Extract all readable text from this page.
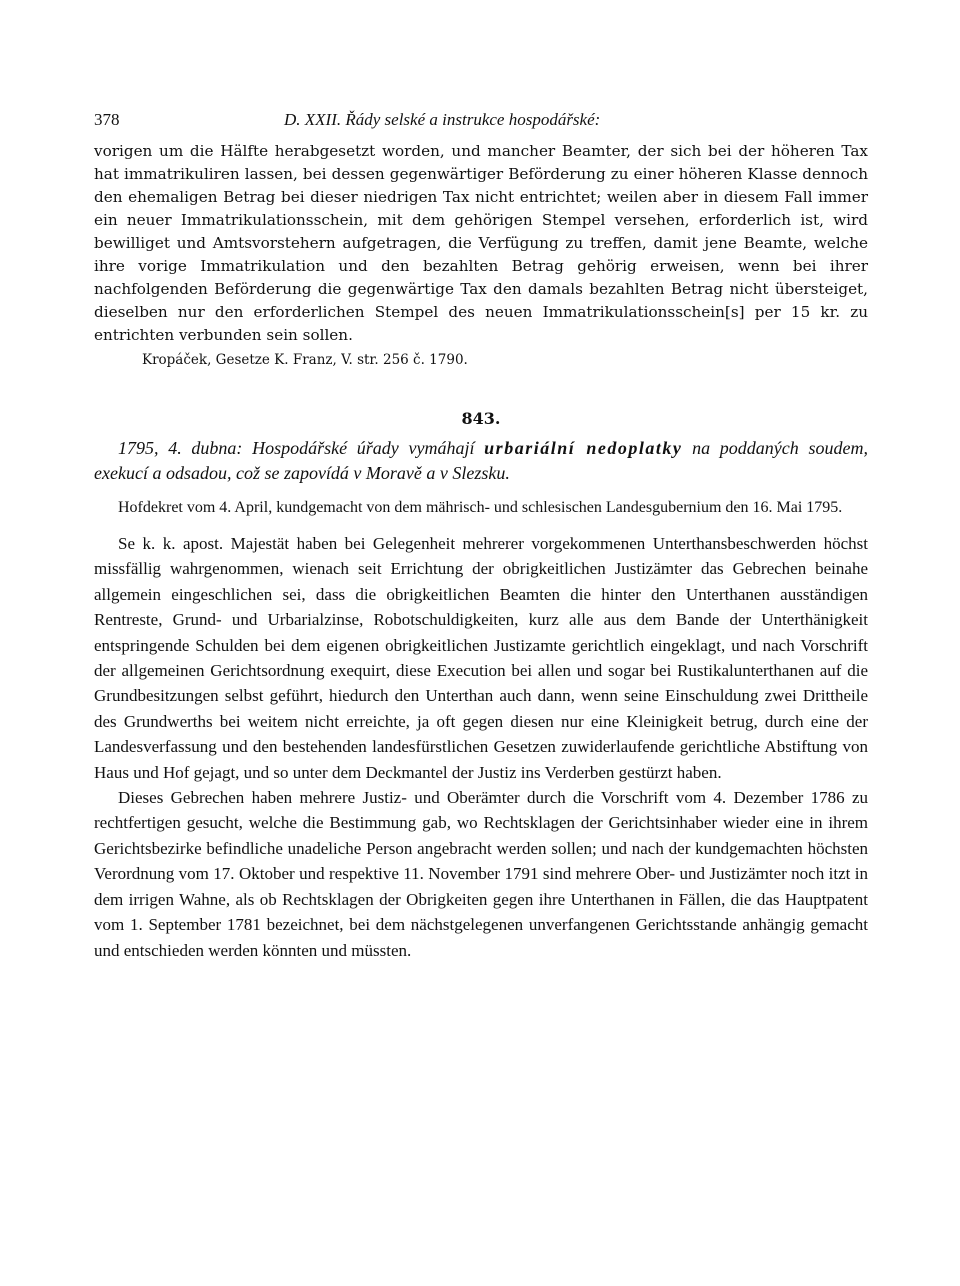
378	D. XXII. Řády selské a instrukce hospodářské:

vorigen um die Hälfte herabgesetzt worden, und mancher Beamter, der sich bei der höheren Tax hat immatrikuliren lassen, bei dessen gegenwärtiger Beförderung zu einer höheren Klasse dennoch den ehemaligen Betrag bei dieser niedrigen Tax nicht entrichtet; weilen aber in diesem Fall immer ein neuer Immatrikulationsschein, mit dem gehörigen Stempel versehen, erforderlich ist, wird bewilliget und Amtsvorstehern aufgetragen, die Verfügung zu treffen, damit jene Beamte, welche ihre vorige Immatrikulation und den bezahlten Betrag gehörig erweisen, wenn bei ihrer nachfolgenden Beförderung die gegenwärtige Tax den damals bezahlten Betrag nicht übersteiget, dieselben nur den erforderlichen Stempel des neuen Immatrikulationsschein[s] per 15 kr. zu entrichten verbunden sein sollen.

Kropáček, Gesetze K. Franz, V. str. 256 č. 1790.

843.

1795, 4. dubna: Hospodářské úřady vymáhají urbariální nedoplatky na poddaných soudem, exekucí a odsadou, což se zapovídá v Moravě a v Slezsku.

Hofdekret vom 4. April, kundgemacht von dem mährisch- und schlesischen Landesgubernium den 16. Mai 1795.

Se k. k. apost. Majestät haben bei Gelegenheit mehrerer vorgekommenen Unterthansbeschwerden höchst missfällig wahrgenommen, wienach seit Errichtung der obrigkeitlichen Justizämter das Gebrechen beinahe allgemein eingeschlichen sei, dass die obrigkeitlichen Beamten die hinter den Unterthanen ausständigen Rentreste, Grund- und Urbarialzinse, Robotschuldigkeiten, kurz alle aus dem Bande der Unterthänigkeit entspringende Schulden bei dem eigenen obrigkeitlichen Justizamte gerichtlich eingeklagt, und nach Vorschrift der allgemeinen Gerichtsordnung exequirt, diese Execution bei allen und sogar bei Rustikalunterthanen auf die Grundbesitzungen selbst geführt, hiedurch den Unterthan auch dann, wenn seine Einschuldung zwei Drittheile des Grundwerths bei weitem nicht erreichte, ja oft gegen diesen nur eine Kleinigkeit betrug, durch eine der Landesverfassung und den bestehenden landesfürstlichen Gesetzen zuwiderlaufende gerichtliche Abstiftung von Haus und Hof gejagt, und so unter dem Deckmantel der Justiz ins Verderben gestürzt haben.

Dieses Gebrechen haben mehrere Justiz- und Oberämter durch die Vorschrift vom 4. Dezember 1786 zu rechtfertigen gesucht, welche die Bestimmung gab, wo Rechtsklagen der Gerichtsinhaber wieder eine in ihrem Gerichtsbezirke befindliche unadeliche Person angebracht werden sollen; und nach der kundgemachten höchsten Verordnung vom 17. Oktober und respektive 11. November 1791 sind mehrere Ober- und Justizämter noch itzt in dem irrigen Wahne, als ob Rechtsklagen der Obrigkeiten gegen ihre Unterthanen in Fällen, die das Hauptpatent vom 1. September 1781 bezeichnet, bei dem nächstgelegenen unverfangenen Gerichtsstande anhängig gemacht und entschieden werden könnten und müssten.
